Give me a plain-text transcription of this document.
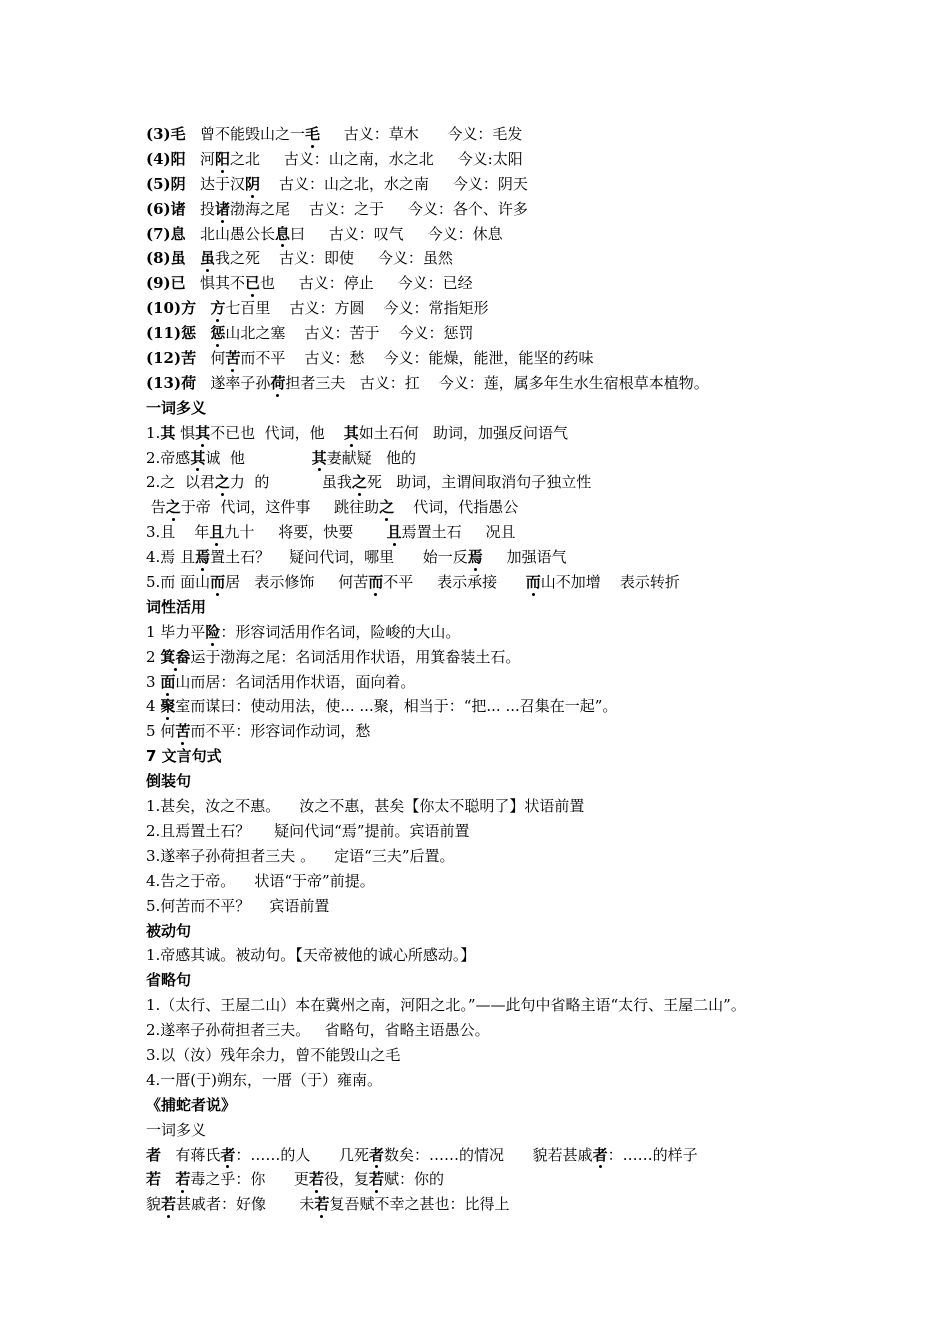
(3)毛   曾不能毁山之一毛     古义：草木      今义：毛发
(4)阳   河阳之北     古义：山之南，水之北     今义:太阳
(5)阴   达于汉阴    古义：山之北，水之南     今义：阴天
(6)诸   投诸渤海之尾    古义：之于     今义：各个、许多
(7)息   北山愚公长息曰     古义：叹气     今义：休息
(8)虽 虽我之死    古义：即使     今义：虽然
(9)已   惧其不已也     古义：停止     今义：已经
(10)方 方七百里    古义：方圆    今义：常指矩形
(11)惩 惩山北之塞    古义：苦于    今义：惩罚
(12)苦   何苦而不平    古义：愁    今义：能燥，能泄，能坚的药味
(13)荷   遂率子孙荷担者三夫   古义：扛    今义：莲，属多年生水生宿根草本植物。
一词多义
1.其 惧其不已也  代词，他    其如土石何   助词，加强反问语气
2.帝感其诚  他              其妻献疑   他的
2.之  以君之力  的           虽我之死   助词，主谓间取消句子独立性
告之于帝  代词，这件事     跳往助之    代词，代指愚公
3.且    年且九十     将要，快要       且焉置土石     况且
4.焉 且焉置土石？    疑问代词，哪里      始一反焉     加强语气
5.而 面山而居   表示修饰     何苦而不平     表示承接      而山不加增    表示转折
词性活用
1 毕力平险：形容词活用作名词，险峻的大山。
2 箕畚运于渤海之尾：名词活用作状语，用箕畚装土石。
3 面山而居：名词活用作状语，面向着。
4 聚室而谋曰：使动用法，使... ...聚，相当于：“把... ...召集在一起”。
5 何苦而不平：形容词作动词，愁
7 文言句式
倒装句
1.甚矣，汝之不惠。    汝之不惠，甚矣【你太不聪明了】状语前置
2.且焉置土石？     疑问代词“焉”提前。宾语前置
3.遂率子孙荷担者三夫 。    定语“三夫”后置。
4.告之于帝。    状语“于帝”前提。
5.何苦而不平？    宾语前置
被动句
1.帝感其诚。被动句。【天帝被他的诚心所感动。】
省略句
1.（太行、王屋二山）本在冀州之南，河阳之北。”——此句中省略主语“太行、王屋二山”。
2.遂率子孙荷担者三夫。   省略句，省略主语愚公。
3.以（汝）残年余力，曾不能毁山之毛
4.一厝(于)朔东，一厝（于）雍南。
《捕蛇者说》
一词多义
者   有蒋氏者：……的人      几死者数矣：……的情况      貌若甚戚者：……的样子
若 若毒之乎：你      更若役，复若赋：你的
貌若甚戚者：好像       未若复吾赋不幸之甚也：比得上
